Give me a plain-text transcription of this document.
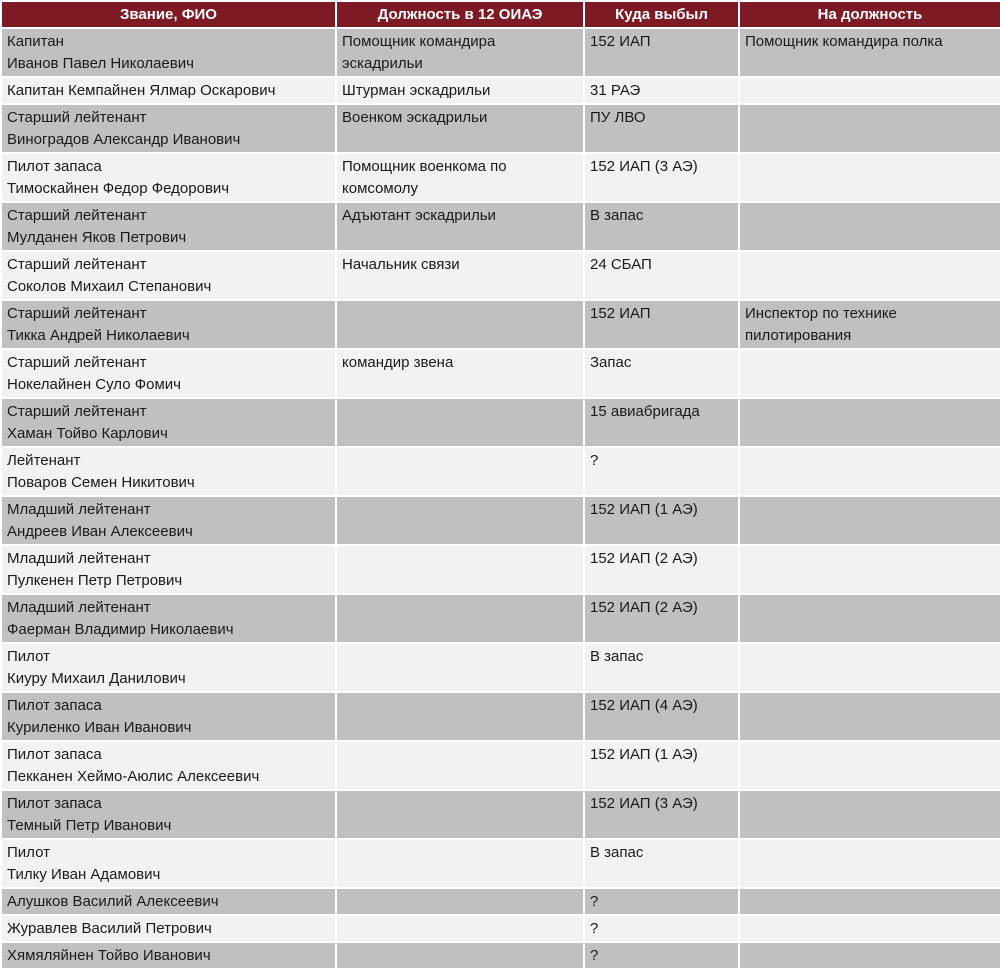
Звание, ФИО	Должность в 12 ОИАЭ	Куда выбыл	На должность

Капитан
Иванов Павел Николаевич	Помощник командира эскадрильи	152 ИАП	Помощник командира полка

Капитан Кемпайнен Ялмар Оскарович	Штурман эскадрильи	31 РАЭ	

Старший лейтенант
Виноградов Александр Иванович	Военком эскадрильи	ПУ ЛВО	

Пилот запаса
Тимоскайнен Федор Федорович	Помощник военкома по комсомолу	152 ИАП (3 АЭ)	

Старший лейтенант
Мулданен Яков Петрович	Адъютант эскадрильи	В запас	

Старший лейтенант
Соколов Михаил Степанович	Начальник связи	24 СБАП	

Старший лейтенант
Тикка Андрей Николаевич		152 ИАП	Инспектор по технике пилотирования

Старший лейтенант
Нокелайнен Суло Фомич	командир звена	Запас	

Старший лейтенант
Хаман Тойво Карлович		15 авиабригада	

Лейтенант
Поваров Семен Никитович		?	

Младший лейтенант
Андреев Иван Алексеевич		152 ИАП (1 АЭ)	

Младший лейтенант
Пулкенен Петр Петрович		152 ИАП (2 АЭ)	

Младший лейтенант
Фаерман Владимир Николаевич		152 ИАП (2 АЭ)	

Пилот
Киуру Михаил Данилович		В запас	

Пилот запаса
Куриленко Иван Иванович		152 ИАП (4 АЭ)	

Пилот запаса
Пекканен Хеймо-Аюлис Алексеевич		152 ИАП (1 АЭ)	

Пилот запаса
Темный Петр Иванович		152 ИАП (3 АЭ)	

Пилот
Тилку Иван Адамович		В запас	

Алушков Василий Алексеевич		?	

Журавлев Василий Петрович		?	

Хямяляйнен Тойво Иванович		?	
